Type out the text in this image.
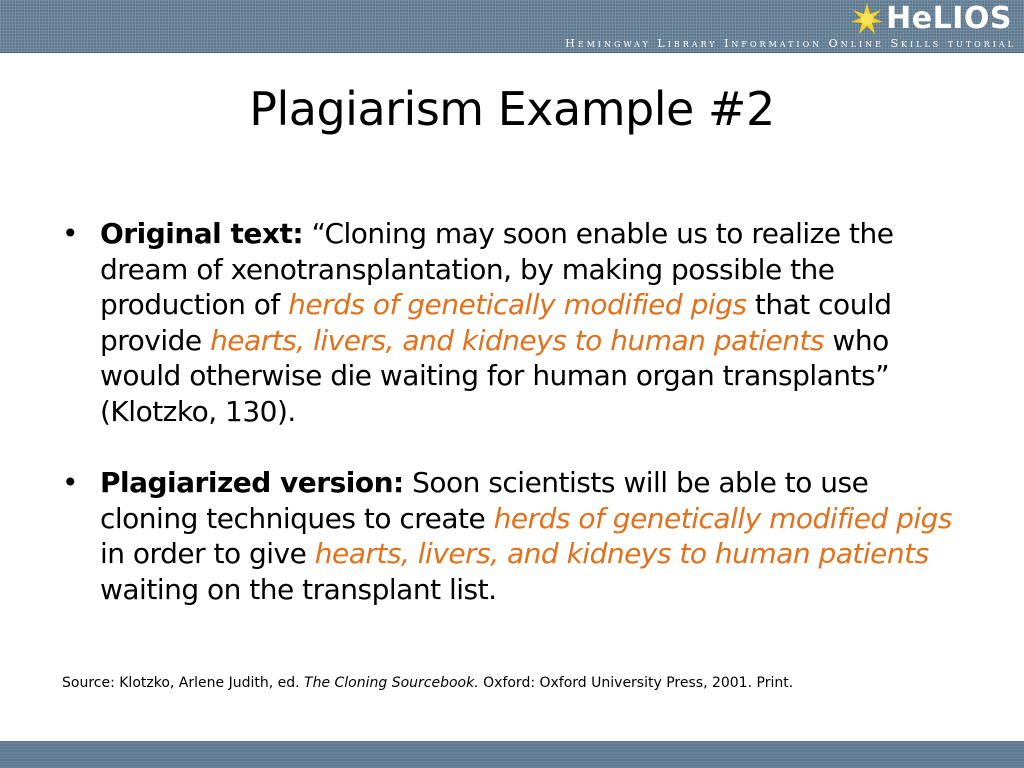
HeLIOS
Hemingway Library Information Online Skills tutorial
Plagiarism Example #2
• Original text: “Cloning may soon enable us to realize the dream of xenotransplantation, by making possible the production of herds of genetically modified pigs that could provide hearts, livers, and kidneys to human patients who would otherwise die waiting for human organ transplants” (Klotzko, 130).
• Plagiarized version: Soon scientists will be able to use cloning techniques to create herds of genetically modified pigs in order to give hearts, livers, and kidneys to human patients waiting on the transplant list.
Source: Klotzko, Arlene Judith, ed. The Cloning Sourcebook. Oxford: Oxford University Press, 2001. Print.
